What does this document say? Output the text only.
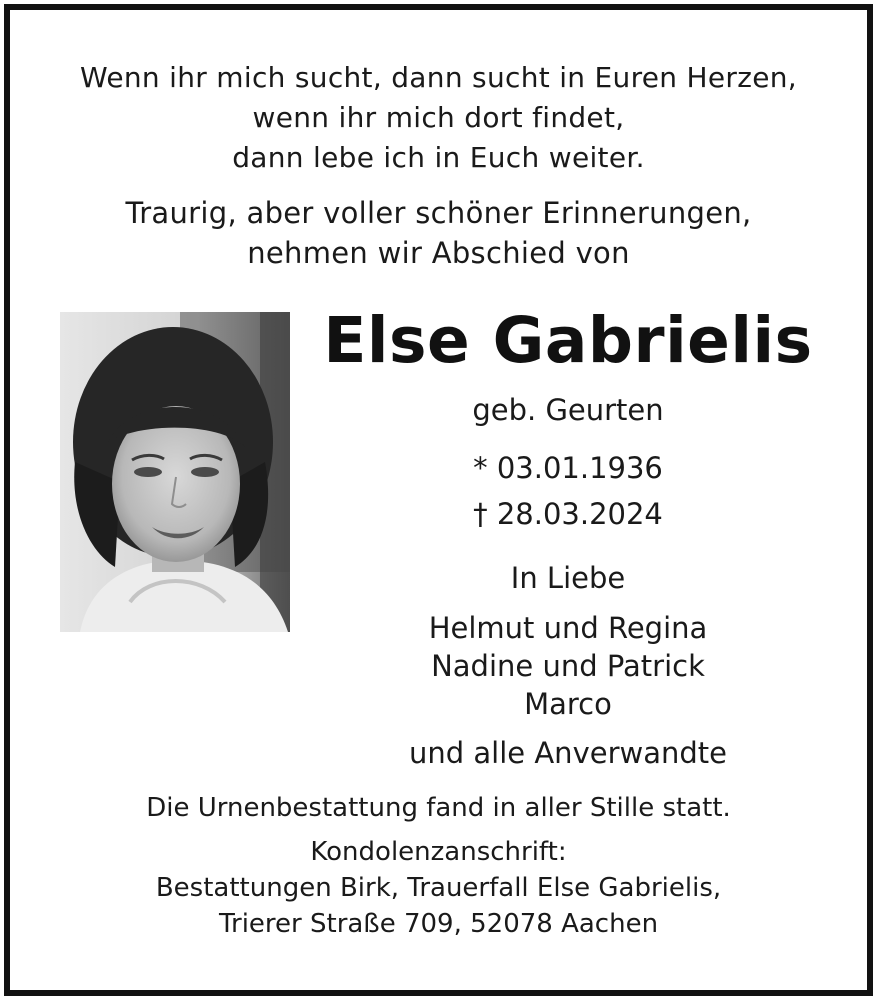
Wenn ihr mich sucht, dann sucht in Euren Herzen,
wenn ihr mich dort findet,
dann lebe ich in Euch weiter.
Traurig, aber voller schöner Erinnerungen,
nehmen wir Abschied von
Else Gabrielis
geb. Geurten
* 03.01.1936
† 28.03.2024
In Liebe
Helmut und Regina
Nadine und Patrick
Marco
und alle Anverwandte
Die Urnenbestattung fand in aller Stille statt.
Kondolenzanschrift:
Bestattungen Birk, Trauerfall Else Gabrielis,
Trierer Straße 709, 52078 Aachen
